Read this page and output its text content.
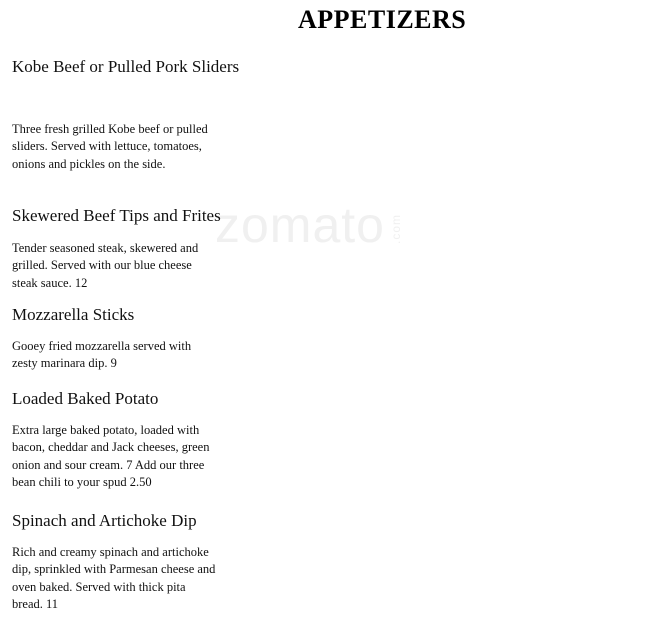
APPETIZERS
zomato .com
Kobe Beef or Pulled Pork Sliders

Three fresh grilled Kobe beef or pulled sliders. Served with lettuce, tomatoes, onions and pickles on the side.

Skewered Beef Tips and Frites

Tender seasoned steak, skewered and grilled. Served with our blue cheese steak sauce. 12

Mozzarella Sticks

Gooey fried mozzarella served with zesty marinara dip. 9

Loaded Baked Potato

Extra large baked potato, loaded with bacon, cheddar and Jack cheeses, green onion and sour cream. 7 Add our three bean chili to your spud 2.50

Spinach and Artichoke Dip

Rich and creamy spinach and artichoke dip, sprinkled with Parmesan cheese and oven baked. Served with thick pita bread. 11
